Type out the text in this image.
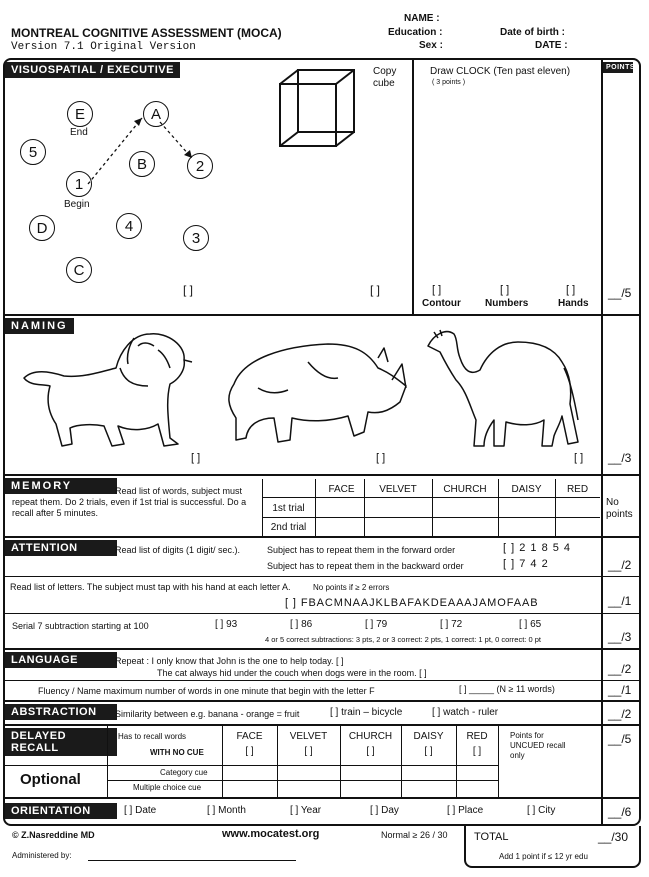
MONTREAL COGNITIVE ASSESSMENT (MOCA)
Version 7.1 Original Version
NAME :
Education :
Sex :
Date of birth :
DATE :
POINTS
VISUOSPATIAL / EXECUTIVE
E
End
A
5
B	2
1
Begin
D	4
3
C
Copy cube
[ ]	[ ]
Draw CLOCK (Ten past eleven)
( 3 points )
[ ]	[ ]	[ ]
Contour Numbers	Hands
__/5
NAMING
[ ]	[ ]	[ ] __/3
MEMORY	Read list of words, subject must repeat them. Do 2 trials, even if 1st trial is successful. Do a recall after 5 minutes.
FACE	VELVET	CHURCH	DAISY	RED
1st trial
2nd trial
No points
ATTENTION	Read list of digits (1 digit/ sec.).	Subject has to repeat them in the forward order	[ ] 2 1 8 5 4
Subject has to repeat them in the backward order	[ ] 7 4 2	__/2
Read list of letters. The subject must tap with his hand at each letter A.	No points if ≥ 2 errors
[ ] FBACMNAAJKLBAFAKDEAAAJAMOFAAB	__/1
Serial 7 subtraction starting at 100	[ ] 93	[ ] 86	[ ] 79	[ ] 72	[ ] 65
4 or 5 correct subtractions: 3 pts, 2 or 3 correct: 2 pts, 1 correct: 1 pt, 0 correct: 0 pt	__/3
LANGUAGE	Repeat : I only know that John is the one to help today. [ ]
The cat always hid under the couch when dogs were in the room. [ ]	__/2
Fluency / Name maximum number of words in one minute that begin with the letter F	[ ] _____ (N ≥ 11 words)	__/1
ABSTRACTION	Similarity between e.g. banana - orange = fruit	[ ] train – bicycle	[ ] watch - ruler	__/2
DELAYED RECALL
Has to recall words
WITH NO CUE
FACE	VELVET	CHURCH	DAISY	RED
[ ]	[ ]	[ ]	[ ]	[ ]
Category cue
Multiple choice cue
Points for UNCUED recall only
Optional
__/5
ORIENTATION	[ ] Date	[ ] Month	[ ] Year	[ ] Day	[ ] Place	[ ] City	__/6
© Z.Nasreddine MD	www.mocatest.org	Normal ≥ 26 / 30 TOTAL	__/30
Add 1 point if ≤ 12 yr edu
Administered by:
